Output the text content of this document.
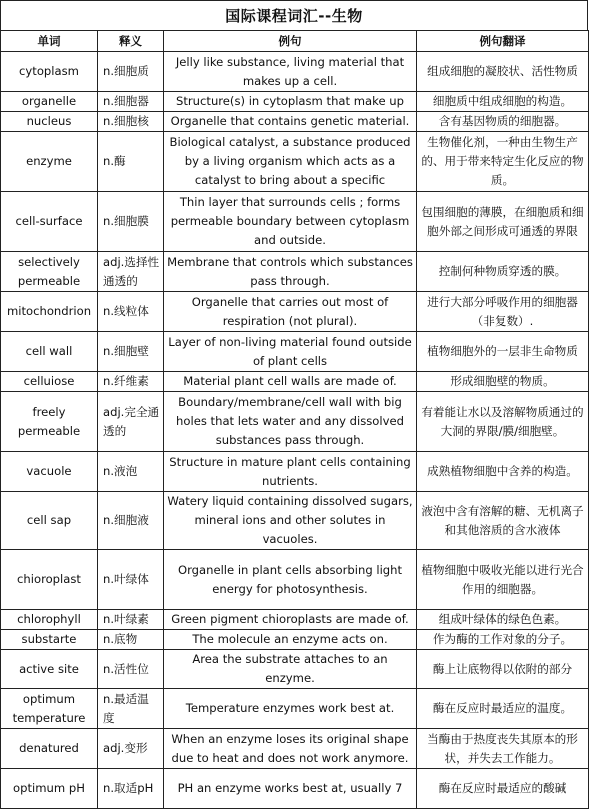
国际课程词汇--生物
单词	释义	例句	例句翻译
cytoplasm	n.细胞质	Jelly like substance, living material that makes up a cell.	组成细胞的凝胶状、活性物质
organelle	n.细胞器	Structure(s) in cytoplasm that make up	细胞质中组成细胞的构造。
nucleus	n.细胞核	Organelle that contains genetic material.	含有基因物质的细胞器。
enzyme	n.酶	Biological catalyst, a substance produced by a living organism which acts as a catalyst to bring about a specific	生物催化剂，一种由生物生产的、用于带来特定生化反应的物质。
cell-surface	n.细胞膜	Thin layer that surrounds cells ; forms permeable boundary between cytoplasm and outside.	包围细胞的薄膜，在细胞质和细胞外部之间形成可通透的界限
selectively permeable	adj.选择性通透的	Membrane that controls which substances pass through.	控制何种物质穿透的膜。
mitochondrion	n.线粒体	Organelle that carries out most of respiration (not plural).	进行大部分呼吸作用的细胞器（非复数）.
cell wall	n.细胞壁	Layer of non-living material found outside of plant cells	植物细胞外的一层非生命物质
celluiose	n.纤维素	Material plant cell walls are made of.	形成细胞壁的物质。
freely permeable	adj.完全通透的	Boundary/membrane/cell wall with big holes that lets water and any dissolved substances pass through.	有着能让水以及溶解物质通过的大洞的界限/膜/细胞壁。
vacuole	n.液泡	Structure in mature plant cells containing nutrients.	成熟植物细胞中含养的构造。
cell sap	n.细胞液	Watery liquid containing dissolved sugars, mineral ions and other solutes in vacuoles.	液泡中含有溶解的糖、无机离子和其他溶质的含水液体
chioroplast	n.叶绿体	Organelle in plant cells absorbing light energy for photosynthesis.	植物细胞中吸收光能以进行光合作用的细胞器。
chlorophyll	n.叶绿素	Green pigment chioroplasts are made of.	组成叶绿体的绿色色素。
substarte	n.底物	The molecule an enzyme acts on.	作为酶的工作对象的分子。
active site	n.活性位	Area the substrate attaches to an enzyme.	酶上让底物得以依附的部分
optimum temperature	n.最适温度	Temperature enzymes work best at.	酶在反应时最适应的温度。
denatured	adj.变形	When an enzyme loses its original shape due to heat and does not work anymore.	当酶由于热度丧失其原本的形状，并失去工作能力。
optimum pH	n.取适pH	PH an enzyme works best at, usually 7	酶在反应时最适应的酸碱
